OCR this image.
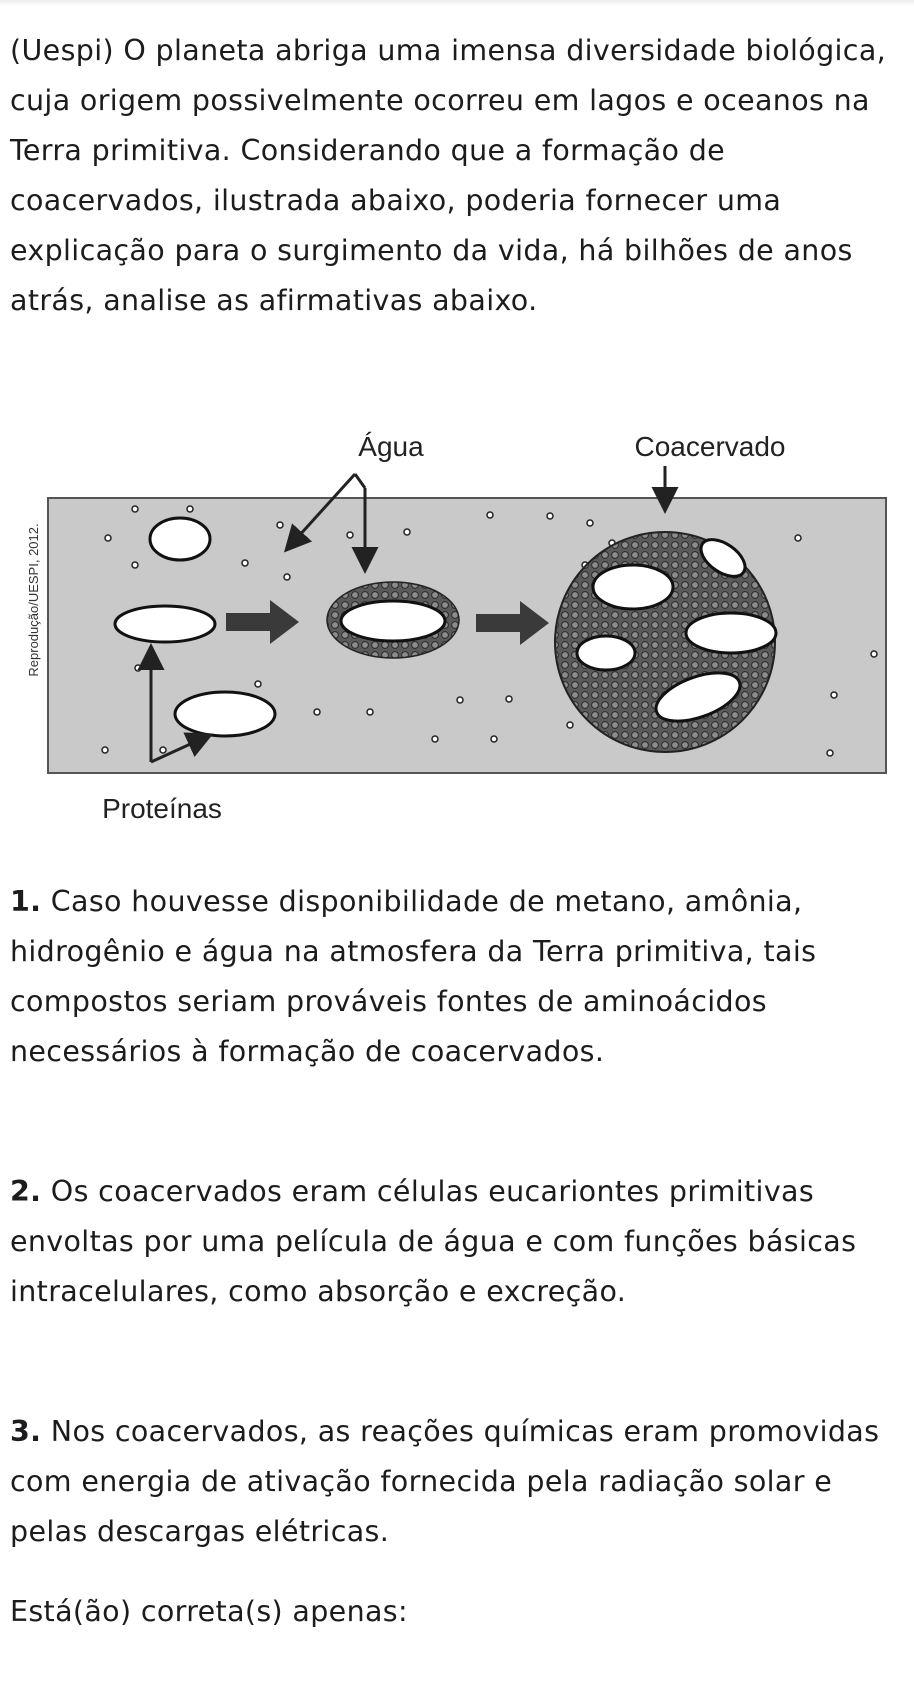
(Uespi) O planeta abriga uma imensa diversidade biológica, cuja origem possivelmente ocorreu em lagos e oceanos na Terra primitiva. Considerando que a formação de coacervados, ilustrada abaixo, poderia fornecer uma explicação para o surgimento da vida, há bilhões de anos atrás, analise as afirmativas abaixo.

Água	Coacervado
Proteínas
Reprodução/UESPI, 2012.

1. Caso houvesse disponibilidade de metano, amônia, hidrogênio e água na atmosfera da Terra primitiva, tais compostos seriam prováveis fontes de aminoácidos necessários à formação de coacervados.

2. Os coacervados eram células eucariontes primitivas envoltas por uma película de água e com funções básicas intracelulares, como absorção e excreção.

3. Nos coacervados, as reações químicas eram promovidas com energia de ativação fornecida pela radiação solar e pelas descargas elétricas.

Está(ão) correta(s) apenas:
